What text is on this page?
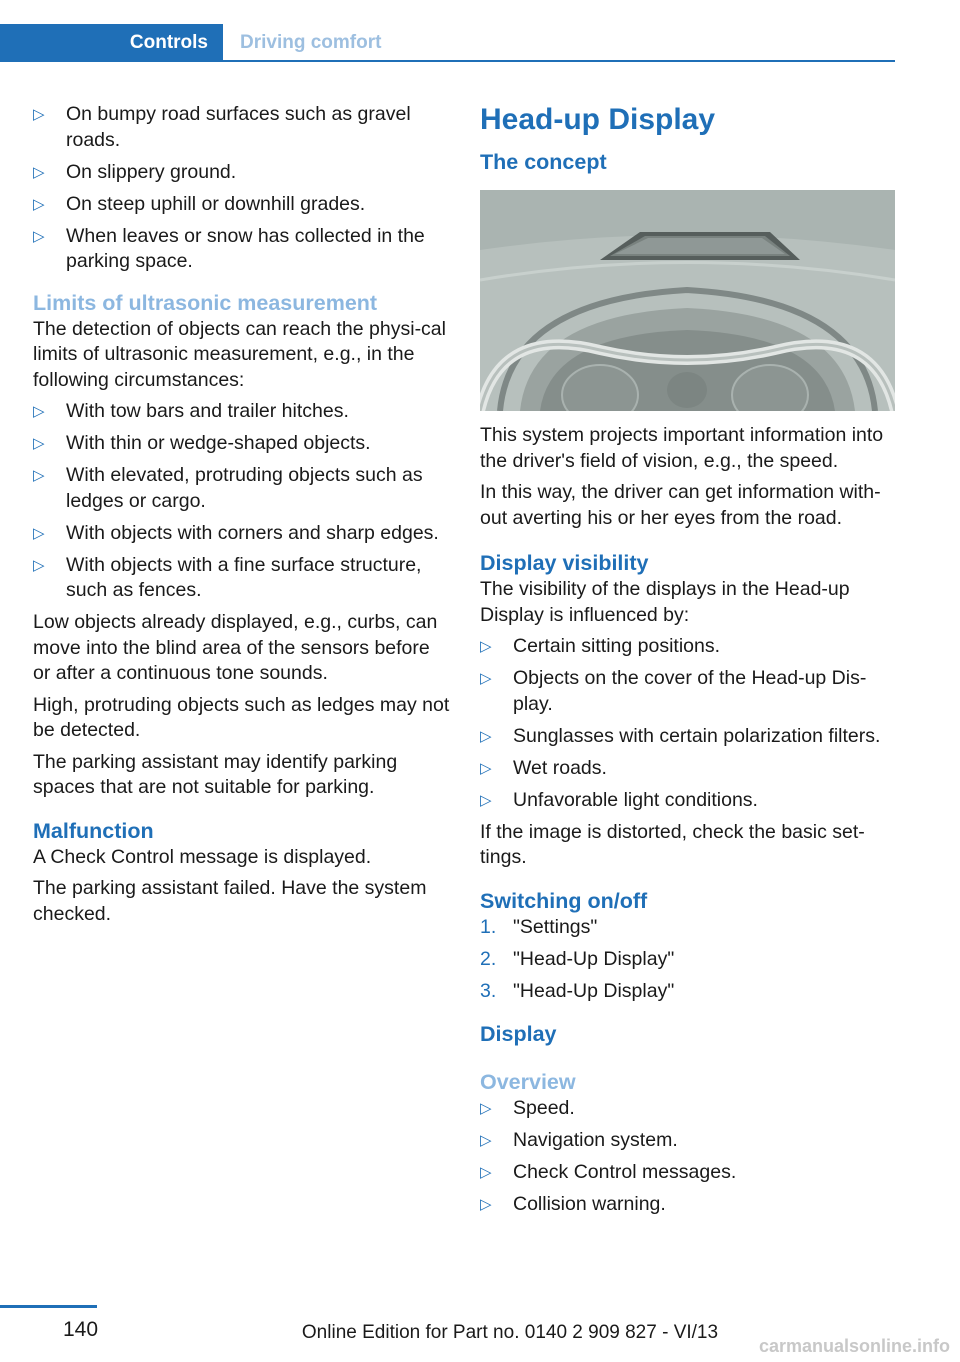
Controls	Driving comfort
▷	On bumpy road surfaces such as gravel roads.
▷	On slippery ground.
▷	On steep uphill or downhill grades.
▷	When leaves or snow has collected in the parking space.
Limits of ultrasonic measurement
The detection of objects can reach the physi-cal limits of ultrasonic measurement, e.g., in the following circumstances:
▷	With tow bars and trailer hitches.
▷	With thin or wedge-shaped objects.
▷	With elevated, protruding objects such as ledges or cargo.
▷	With objects with corners and sharp edges.
▷	With objects with a fine surface structure, such as fences.
Low objects already displayed, e.g., curbs, can move into the blind area of the sensors before or after a continuous tone sounds.
High, protruding objects such as ledges may not be detected.
The parking assistant may identify parking spaces that are not suitable for parking.
Malfunction
A Check Control message is displayed.
The parking assistant failed. Have the system checked.
Head-up Display
The concept
This system projects important information into the driver's field of vision, e.g., the speed.
In this way, the driver can get information with-out averting his or her eyes from the road.
Display visibility
The visibility of the displays in the Head-up Display is influenced by:
▷	Certain sitting positions.
▷	Objects on the cover of the Head-up Dis-play.
▷	Sunglasses with certain polarization filters.
▷	Wet roads.
▷	Unfavorable light conditions.
If the image is distorted, check the basic set-tings.
Switching on/off
1. "Settings"
2. "Head-Up Display"
3. "Head-Up Display"
Display
Overview
▷	Speed.
▷	Navigation system.
▷	Check Control messages.
▷	Collision warning.
140	Online Edition for Part no. 0140 2 909 827 - VI/13
carmanualsonline.info
